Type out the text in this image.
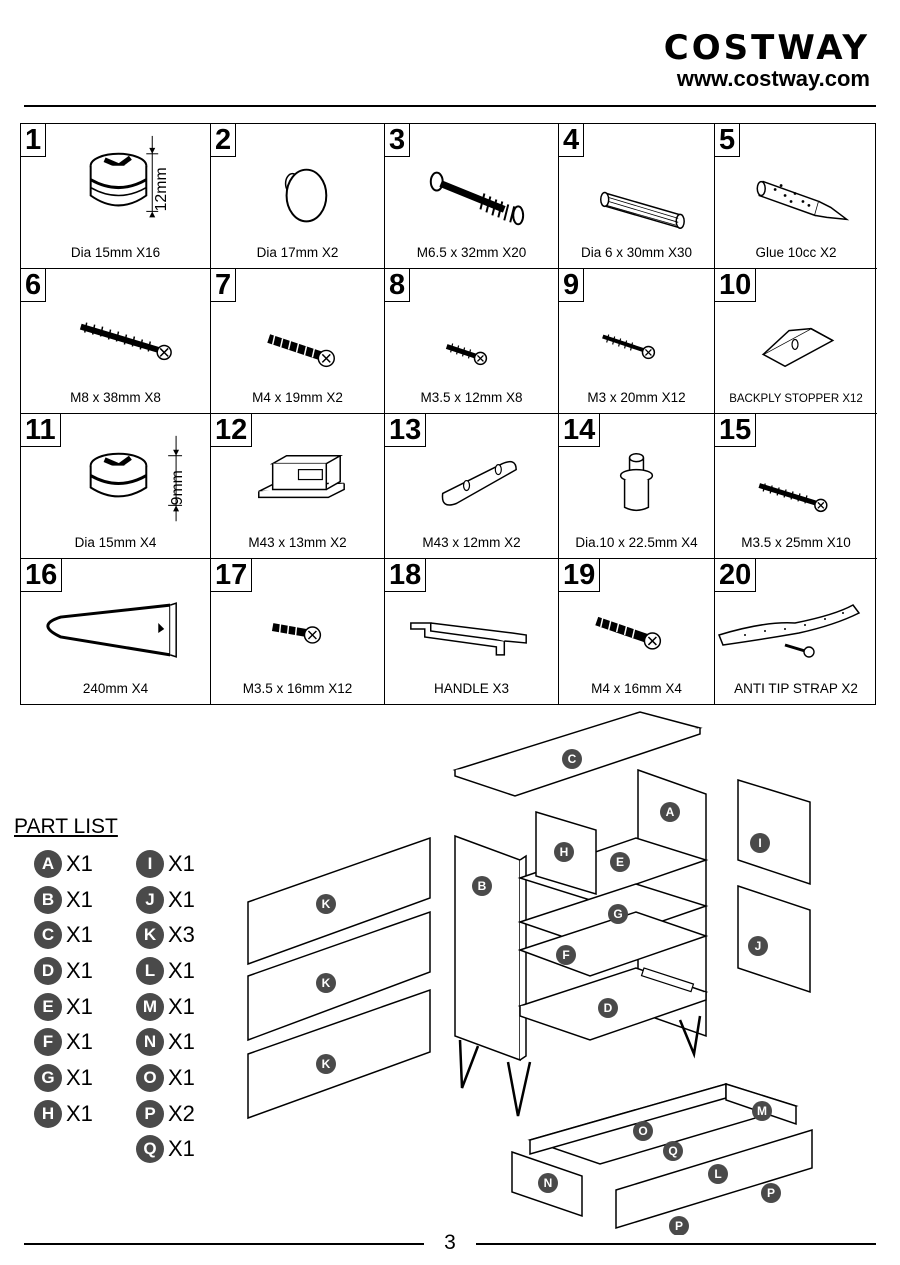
COSTWAY
www.costway.com
12mm
1
Dia 15mm X16
2
Dia 17mm X2
3
M6.5 x 32mm X20
4
Dia 6 x 30mm X30
5
Glue 10cc X2
6
M8 x 38mm X8
7
M4 x 19mm X2
8
M3.5 x 12mm X8
9
M3 x 20mm X12
10
BACKPLY STOPPER X12
9mm
11
Dia 15mm X4
12
M43 x 13mm X2
13
M43 x 12mm X2
14
Dia.10 x 22.5mm X4
15
M3.5 x 25mm X10
16
240mm X4
17
M3.5 x 16mm X12
18
HANDLE X3
19
M4 x 16mm X4
20
ANTI TIP STRAP X2
PART LIST
A X1
B X1
C X1
D X1
E X1
F X1
G X1
H X1
I X1
J X1
K X3
L X1
M X1
N X1
O X1
P X2
Q X1
C
A
B
H
E
G
F
D
I
J
K
K
K
M
O
Q
L
N
P
P
3
